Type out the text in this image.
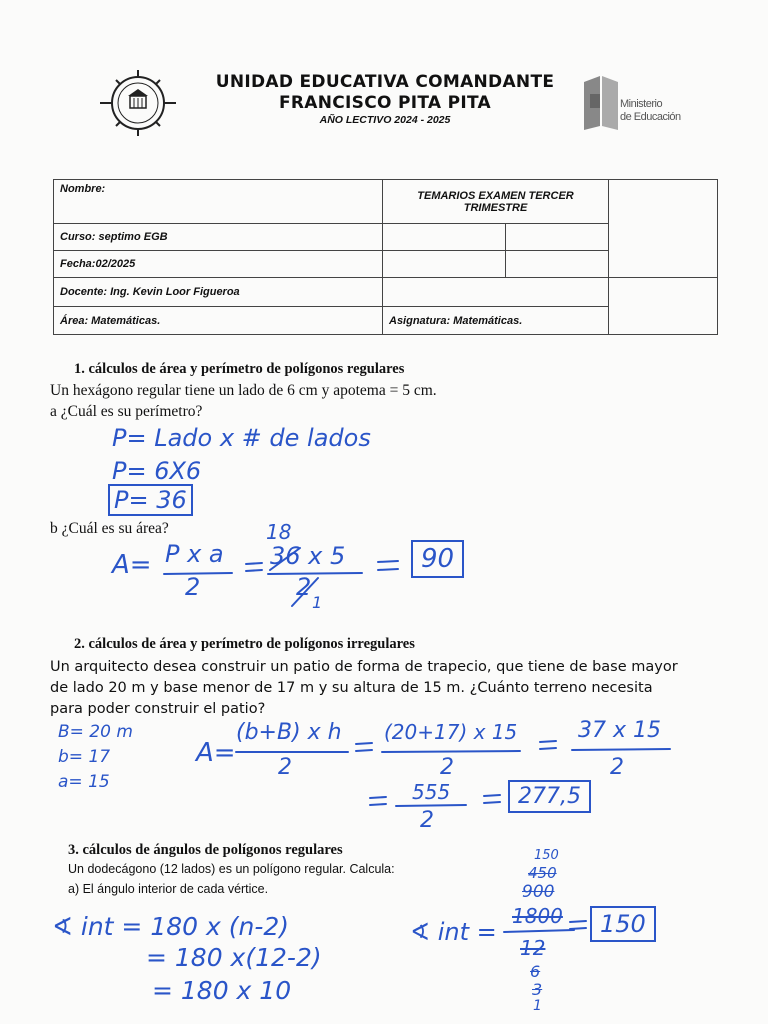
UNIDAD EDUCATIVA COMANDANTE
FRANCISCO PITA PITA
AÑO LECTIVO 2024 - 2025
Ministerio
de Educación
Nombre:	TEMARIOS EXAMEN TERCER TRIMESTRE		
Curso: septimo EGB			
Fecha:02/2025			
Docente: Ing. Kevin Loor Figueroa			
Área: Matemáticas.	Asignatura: Matemáticas.		
1. cálculos de área y perímetro de polígonos regulares
Un hexágono regular tiene un lado de 6 cm y apotema = 5 cm.
a ¿Cuál es su perímetro?
b ¿Cuál es su área?
P= Lado x # de lados
P= 6X6
P= 36
18
A= P x a
2
36 x 5
2
1
90
2. cálculos de área y perímetro de polígonos irregulares
Un arquitecto desea construir un patio de forma de trapecio, que tiene de base mayor de lado 20 m y base menor de 17 m y su altura de 15 m. ¿Cuánto terreno necesita para poder construir el patio?
B= 20 m
b= 17
a= 15
A=
(b+B) x h
2
(20+17) x 15
2
37 x 15
2
555
2
277,5
3. cálculos de ángulos de polígonos regulares
Un dodecágono (12 lados) es un polígono regular. Calcula:
a) El ángulo interior de cada vértice.
∢ int = 180 x (n-2)
= 180 x(12-2)
= 180 x 10
150
450
900
∢ int =
1800
12
6
3
1
150
